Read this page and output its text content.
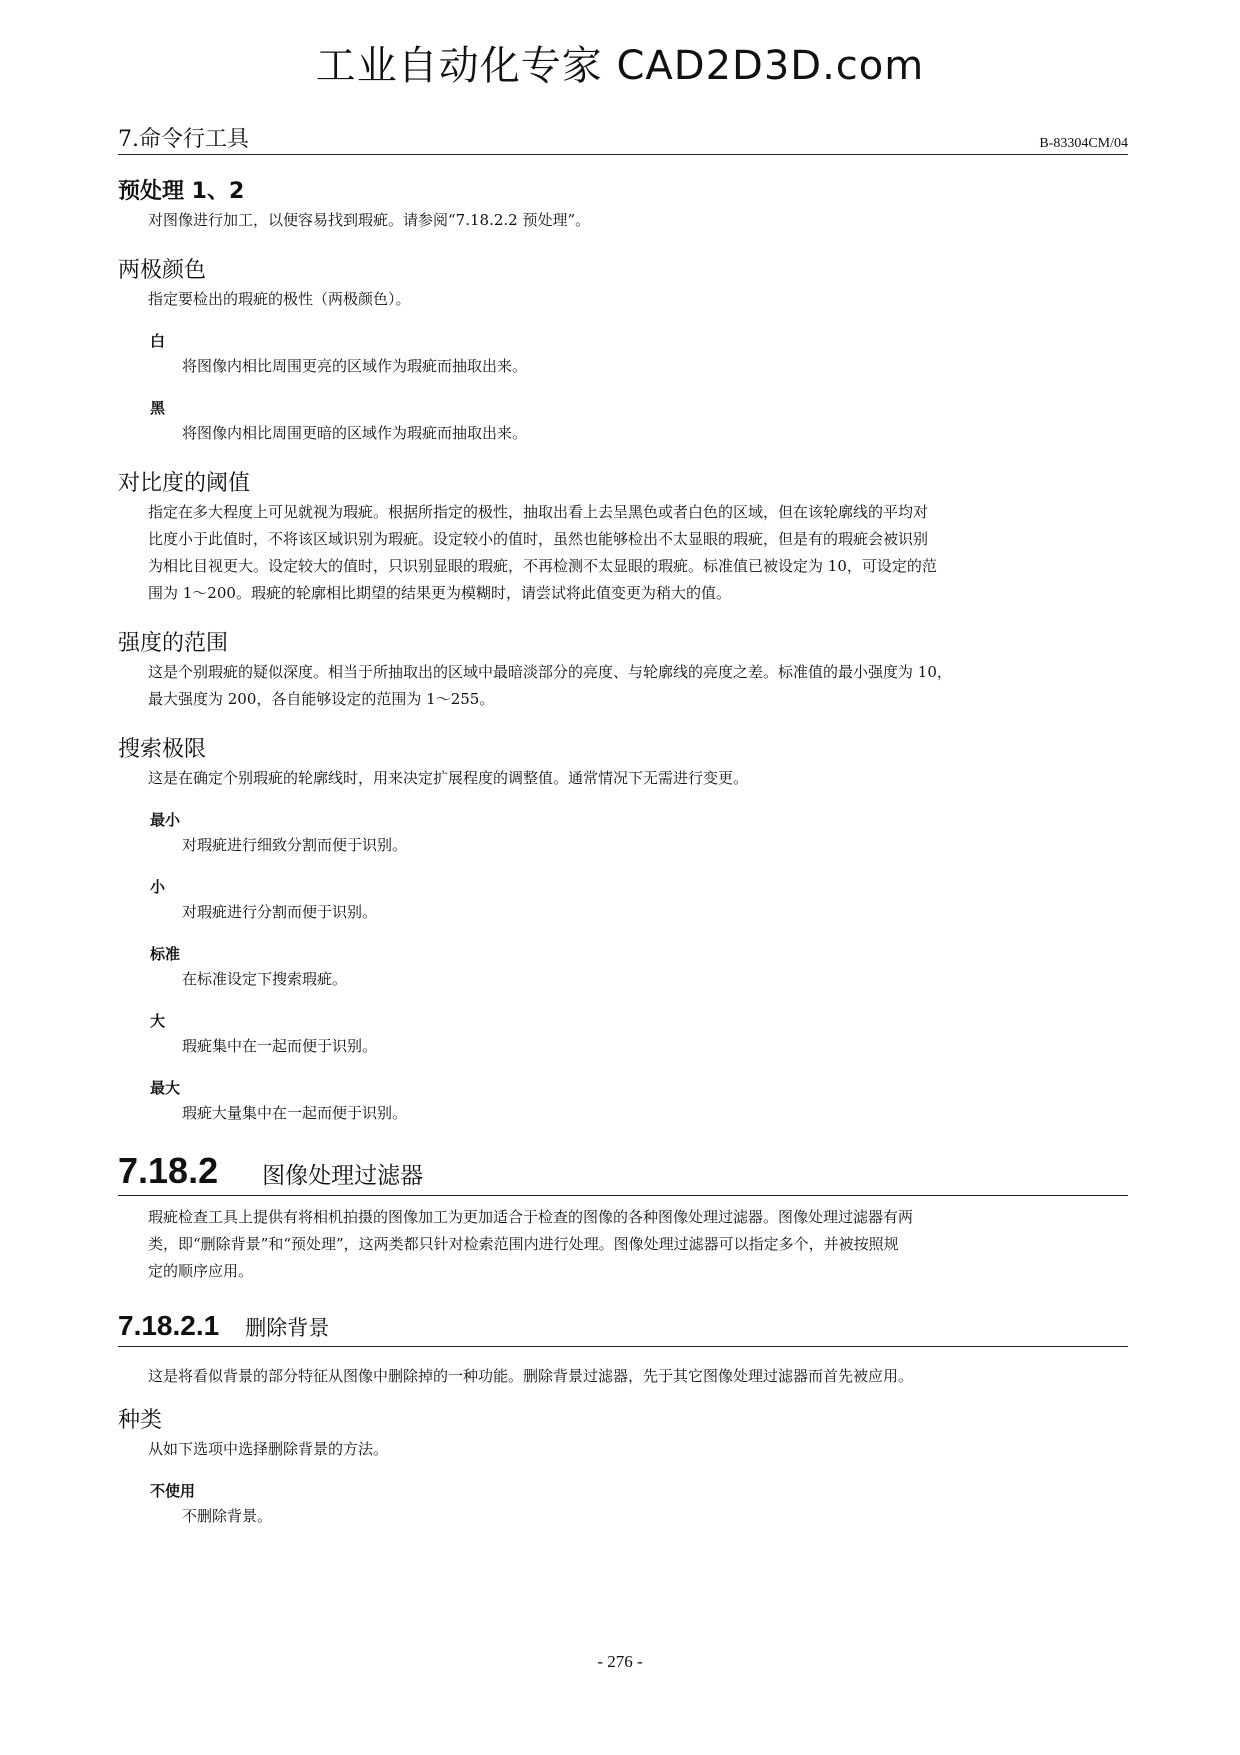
工业自动化专家 CAD2D3D.com
7.命令行工具	B-83304CM/04
预处理 1、2

对图像进行加工，以便容易找到瑕疵。请参阅“7.18.2.2 预处理”。

两极颜色

指定要检出的瑕疵的极性（两极颜色）。

白

将图像内相比周围更亮的区域作为瑕疵而抽取出来。

黑

将图像内相比周围更暗的区域作为瑕疵而抽取出来。

对比度的阈值

指定在多大程度上可见就视为瑕疵。根据所指定的极性，抽取出看上去呈黑色或者白色的区域，但在该轮廓线的平均对

比度小于此值时，不将该区域识别为瑕疵。设定较小的值时，虽然也能够检出不太显眼的瑕疵，但是有的瑕疵会被识别

为相比目视更大。设定较大的值时，只识别显眼的瑕疵，不再检测不太显眼的瑕疵。标准值已被设定为 10，可设定的范

围为 1～200。瑕疵的轮廓相比期望的结果更为模糊时，请尝试将此值变更为稍大的值。

强度的范围

这是个别瑕疵的疑似深度。相当于所抽取出的区域中最暗淡部分的亮度、与轮廓线的亮度之差。标准值的最小强度为 10，

最大强度为 200，各自能够设定的范围为 1～255。

搜索极限

这是在确定个别瑕疵的轮廓线时，用来决定扩展程度的调整值。通常情况下无需进行变更。

最小

对瑕疵进行细致分割而便于识别。

小

对瑕疵进行分割而便于识别。

标准

在标准设定下搜索瑕疵。

大

瑕疵集中在一起而便于识别。

最大

瑕疵大量集中在一起而便于识别。

7.18.2 图像处理过滤器

瑕疵检查工具上提供有将相机拍摄的图像加工为更加适合于检查的图像的各种图像处理过滤器。图像处理过滤器有两

类，即“删除背景”和“预处理”，这两类都只针对检索范围内进行处理。图像处理过滤器可以指定多个，并被按照规

定的顺序应用。

7.18.2.1 删除背景

这是将看似背景的部分特征从图像中删除掉的一种功能。删除背景过滤器，先于其它图像处理过滤器而首先被应用。

种类

从如下选项中选择删除背景的方法。

不使用

不删除背景。

- 276 -
